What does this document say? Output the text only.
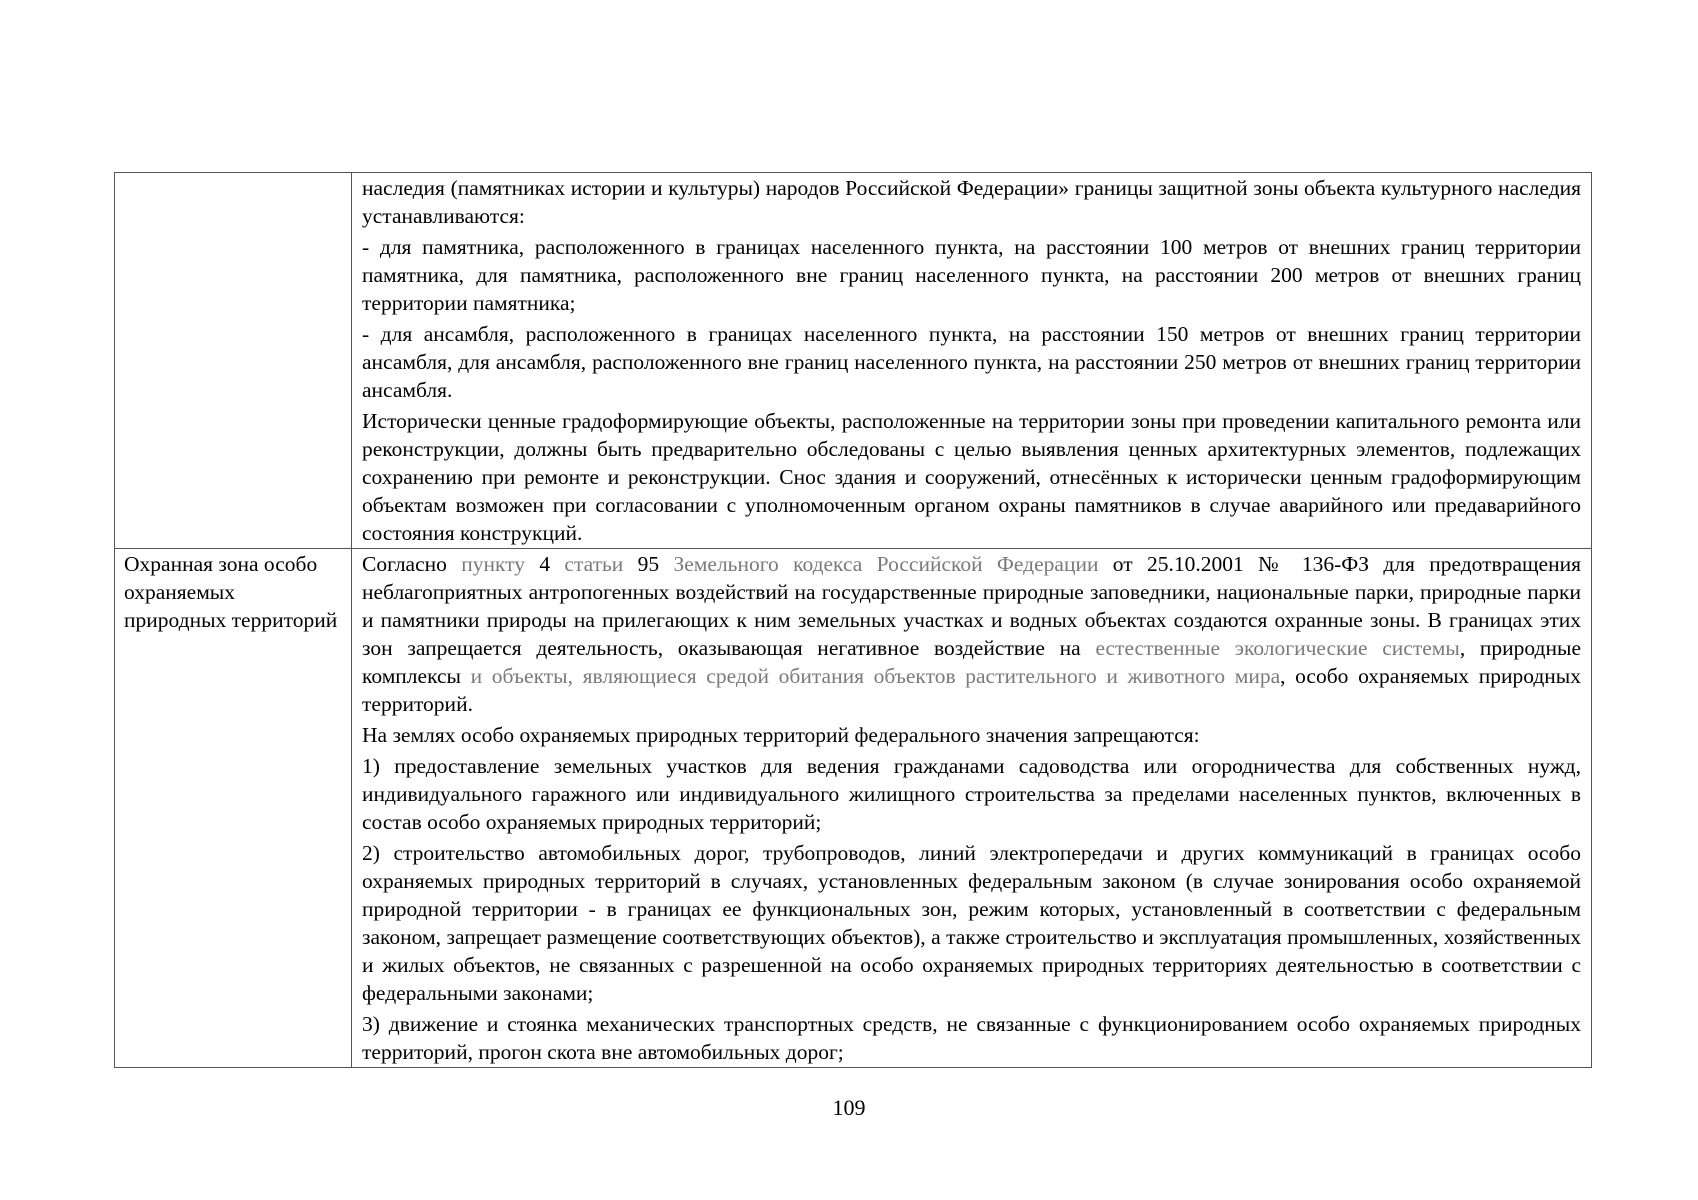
	наследия (памятниках истории и культуры) народов Российской Федерации» границы защитной зоны объекта культурного наследия устанавливаются:

- для памятника, расположенного в границах населенного пункта, на расстоянии 100 метров от внешних границ территории памятника, для памятника, расположенного вне границ населенного пункта, на расстоянии 200 метров от внешних границ территории памятника;

- для ансамбля, расположенного в границах населенного пункта, на расстоянии 150 метров от внешних границ территории ансамбля, для ансамбля, расположенного вне границ населенного пункта, на расстоянии 250 метров от внешних границ территории ансамбля.

Исторически ценные градоформирующие объекты, расположенные на территории зоны при проведении капитального ремонта или реконструкции, должны быть предварительно обследованы с целью выявления ценных архитектурных элементов, подлежащих сохранению при ремонте и реконструкции. Снос здания и сооружений, отнесённых к исторически ценным градоформирующим объектам возможен при согласовании с уполномоченным органом охраны памятников в случае аварийного или предаварийного состояния конструкций.

Охранная зона особо охраняемых природных территорий	Согласно пункту 4 статьи 95 Земельного кодекса Российской Федерации от 25.10.2001 № 136-ФЗ для предотвращения неблагоприятных антропогенных воздействий на государственные природные заповедники, национальные парки, природные парки и памятники природы на прилегающих к ним земельных участках и водных объектах создаются охранные зоны. В границах этих зон запрещается деятельность, оказывающая негативное воздействие на естественные экологические системы, природные комплексы и объекты, являющиеся средой обитания объектов растительного и животного мира, особо охраняемых природных территорий.

На землях особо охраняемых природных территорий федерального значения запрещаются:

1) предоставление земельных участков для ведения гражданами садоводства или огородничества для собственных нужд, индивидуального гаражного или индивидуального жилищного строительства за пределами населенных пунктов, включенных в состав особо охраняемых природных территорий;

2) строительство автомобильных дорог, трубопроводов, линий электропередачи и других коммуникаций в границах особо охраняемых природных территорий в случаях, установленных федеральным законом (в случае зонирования особо охраняемой природной территории - в границах ее функциональных зон, режим которых, установленный в соответствии с федеральным законом, запрещает размещение соответствующих объектов), а также строительство и эксплуатация промышленных, хозяйственных и жилых объектов, не связанных с разрешенной на особо охраняемых природных территориях деятельностью в соответствии с федеральными законами;

3) движение и стоянка механических транспортных средств, не связанные с функционированием особо охраняемых природных территорий, прогон скота вне автомобильных дорог;

109
